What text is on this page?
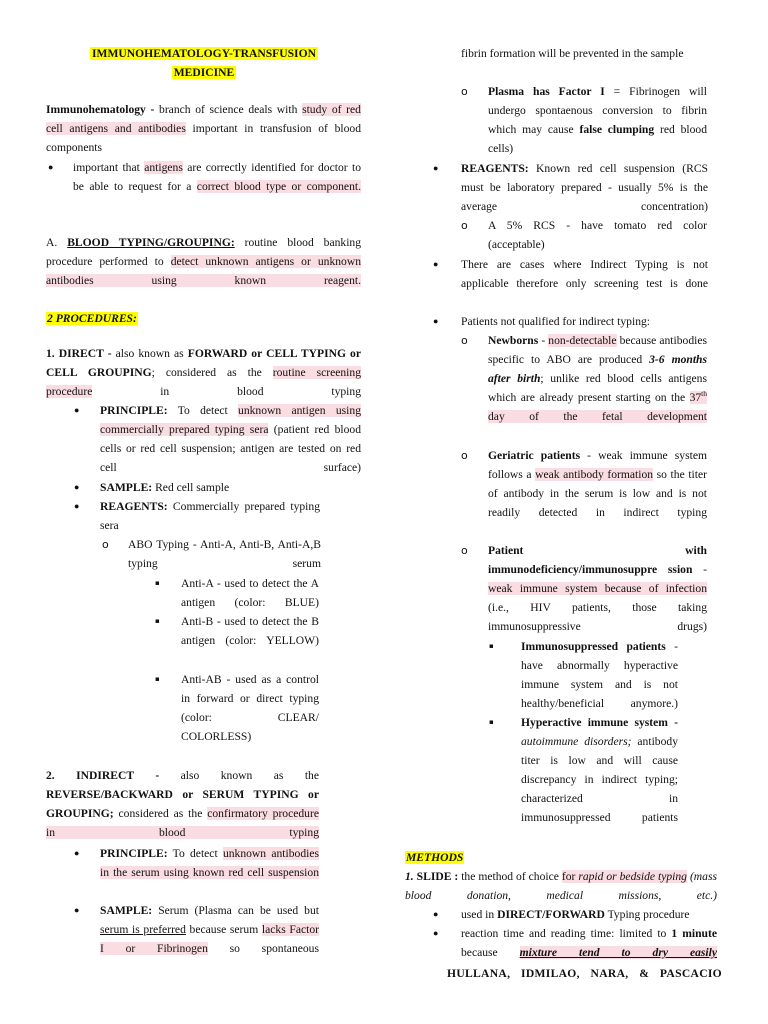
IMMUNOHEMATOLOGY-TRANSFUSION
MEDICINE
Immunohematology - branch of science deals with study of red cell antigens and antibodies important in transfusion of blood components
● important that antigens are correctly identified for doctor to be able to request for a correct blood type or component.
A. BLOOD TYPING/GROUPING: routine blood banking procedure performed to detect unknown antigens or unknown antibodies using known reagent.
2 PROCEDURES:
1. DIRECT - also known as FORWARD or CELL TYPING or CELL GROUPING; considered as the routine screening procedure in blood typing
● PRINCIPLE: To detect unknown antigen using commercially prepared typing sera (patient red blood cells or red cell suspension; antigen are tested on red cell surface)
● SAMPLE: Red cell sample
● REAGENTS: Commercially prepared typing sera
o ABO Typing - Anti-A, Anti-B, Anti-A,B typing serum
▪ Anti-A - used to detect the A antigen (color: BLUE)
▪ Anti-B - used to detect the B antigen (color: YELLOW)
▪ Anti-AB - used as a control in forward or direct typing (color: CLEAR/ COLORLESS)
2. INDIRECT - also known as the REVERSE/BACKWARD or SERUM TYPING or GROUPING; considered as the confirmatory procedure in blood typing
● PRINCIPLE: To detect unknown antibodies in the serum using known red cell suspension
● SAMPLE: Serum (Plasma can be used but serum is preferred because serum lacks Factor I or Fibrinogen so spontaneous
fibrin formation will be prevented in the sample
o Plasma has Factor I = Fibrinogen will undergo spontaenous conversion to fibrin which may cause false clumping red blood cells)
● REAGENTS: Known red cell suspension (RCS must be laboratory prepared - usually 5% is the average concentration)
o A 5% RCS - have tomato red color (acceptable)
● There are cases where Indirect Typing is not applicable therefore only screening test is done
● Patients not qualified for indirect typing:
o Newborns - non-detectable because antibodies specific to ABO are produced 3-6 months after birth; unlike red blood cells antigens which are already present starting on the 37th day of the fetal development
o Geriatric patients - weak immune system follows a weak antibody formation so the titer of antibody in the serum is low and is not readily detected in indirect typing
o Patient with immunodeficiency/immunosuppre ssion - weak immune system because of infection (i.e., HIV patients, those taking immunosuppressive drugs)
▪ Immunosuppressed patients - have abnormally hyperactive immune system and is not healthy/beneficial anymore.)
▪ Hyperactive immune system - autoimmune disorders; antibody titer is low and will cause discrepancy in indirect typing; characterized in immunosuppressed patients
METHODS
1. SLIDE : the method of choice for rapid or bedside typing (mass blood donation, medical missions, etc.)
● used in DIRECT/FORWARD Typing procedure
● reaction time and reading time: limited to 1 minute because mixture tend to dry easily
HULLANA, IDMILAO, NARA, & PASCACIO
